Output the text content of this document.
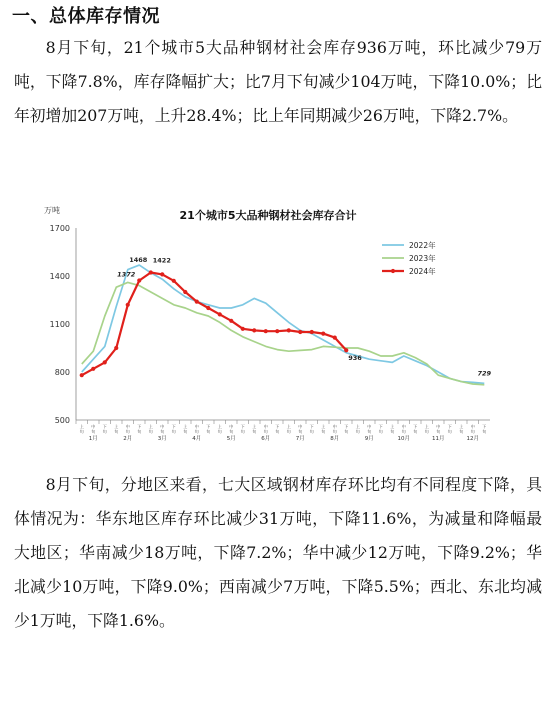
一、总体库存情况
8月下旬，21个城市5大品种钢材社会库存936万吨，环比减少79万吨，下降7.8%，库存降幅扩大；比7月下旬减少104万吨，下降10.0%；比年初增加207万吨，上升28.4%；比上年同期减少26万吨，下降2.7%。
500
800
1100
1400
1700
上旬
中旬
下旬
上旬
中旬
下旬
上旬
中旬
下旬
上旬
中旬
下旬
上旬
中旬
下旬
上旬
中旬
下旬
上旬
中旬
下旬
上旬
中旬
下旬
上旬
中旬
下旬
上旬
中旬
下旬
上旬
中旬
下旬
上旬
中旬
下旬
1月	2月	3月	4月	5月	6月	7月	8月	9月	10月	11月	12月
21个城市5大品种钢材社会库存合计
万吨
1468 1422
1372
936
729
2022年
2023年
2024年
8月下旬，分地区来看，七大区域钢材库存环比均有不同程度下降，具体情况为：华东地区库存环比减少31万吨，下降11.6%，为减量和降幅最大地区；华南减少18万吨，下降7.2%；华中减少12万吨，下降9.2%；华北减少10万吨，下降9.0%；西南减少7万吨，下降5.5%；西北、东北均减少1万吨，下降1.6%。
